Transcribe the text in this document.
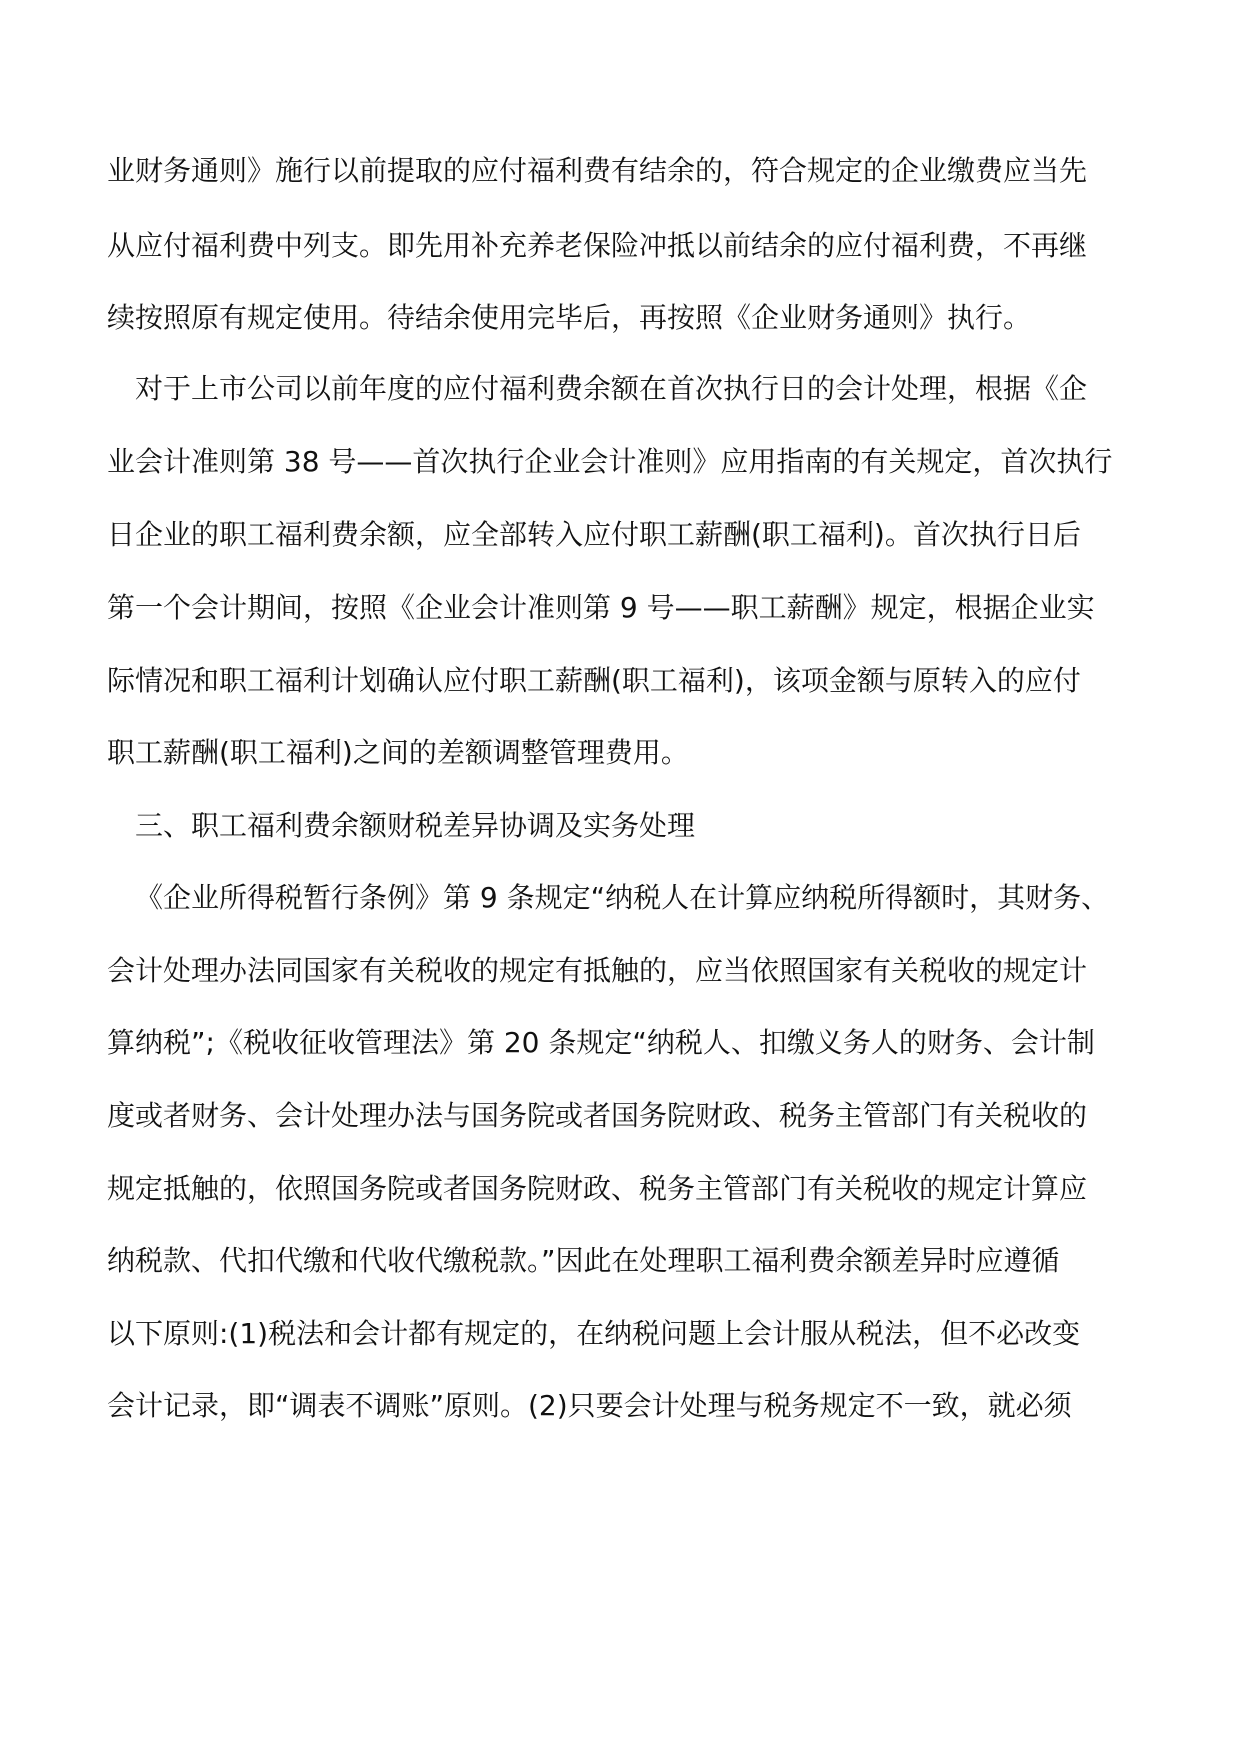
业财务通则》施行以前提取的应付福利费有结余的，符合规定的企业缴费应当先
从应付福利费中列支。即先用补充养老保险冲抵以前结余的应付福利费，不再继
续按照原有规定使用。待结余使用完毕后，再按照《企业财务通则》执行。
对于上市公司以前年度的应付福利费余额在首次执行日的会计处理，根据《企
业会计准则第 38 号——首次执行企业会计准则》应用指南的有关规定，首次执行
日企业的职工福利费余额，应全部转入应付职工薪酬(职工福利)。首次执行日后
第一个会计期间，按照《企业会计准则第 9 号——职工薪酬》规定，根据企业实
际情况和职工福利计划确认应付职工薪酬(职工福利)，该项金额与原转入的应付
职工薪酬(职工福利)之间的差额调整管理费用。
三、职工福利费余额财税差异协调及实务处理
《企业所得税暂行条例》第 9 条规定“纳税人在计算应纳税所得额时，其财务、
会计处理办法同国家有关税收的规定有抵触的，应当依照国家有关税收的规定计
算纳税”;《税收征收管理法》第 20 条规定“纳税人、扣缴义务人的财务、会计制
度或者财务、会计处理办法与国务院或者国务院财政、税务主管部门有关税收的
规定抵触的，依照国务院或者国务院财政、税务主管部门有关税收的规定计算应
纳税款、代扣代缴和代收代缴税款。”因此在处理职工福利费余额差异时应遵循
以下原则:(1)税法和会计都有规定的，在纳税问题上会计服从税法，但不必改变
会计记录，即“调表不调账”原则。(2)只要会计处理与税务规定不一致，就必须
